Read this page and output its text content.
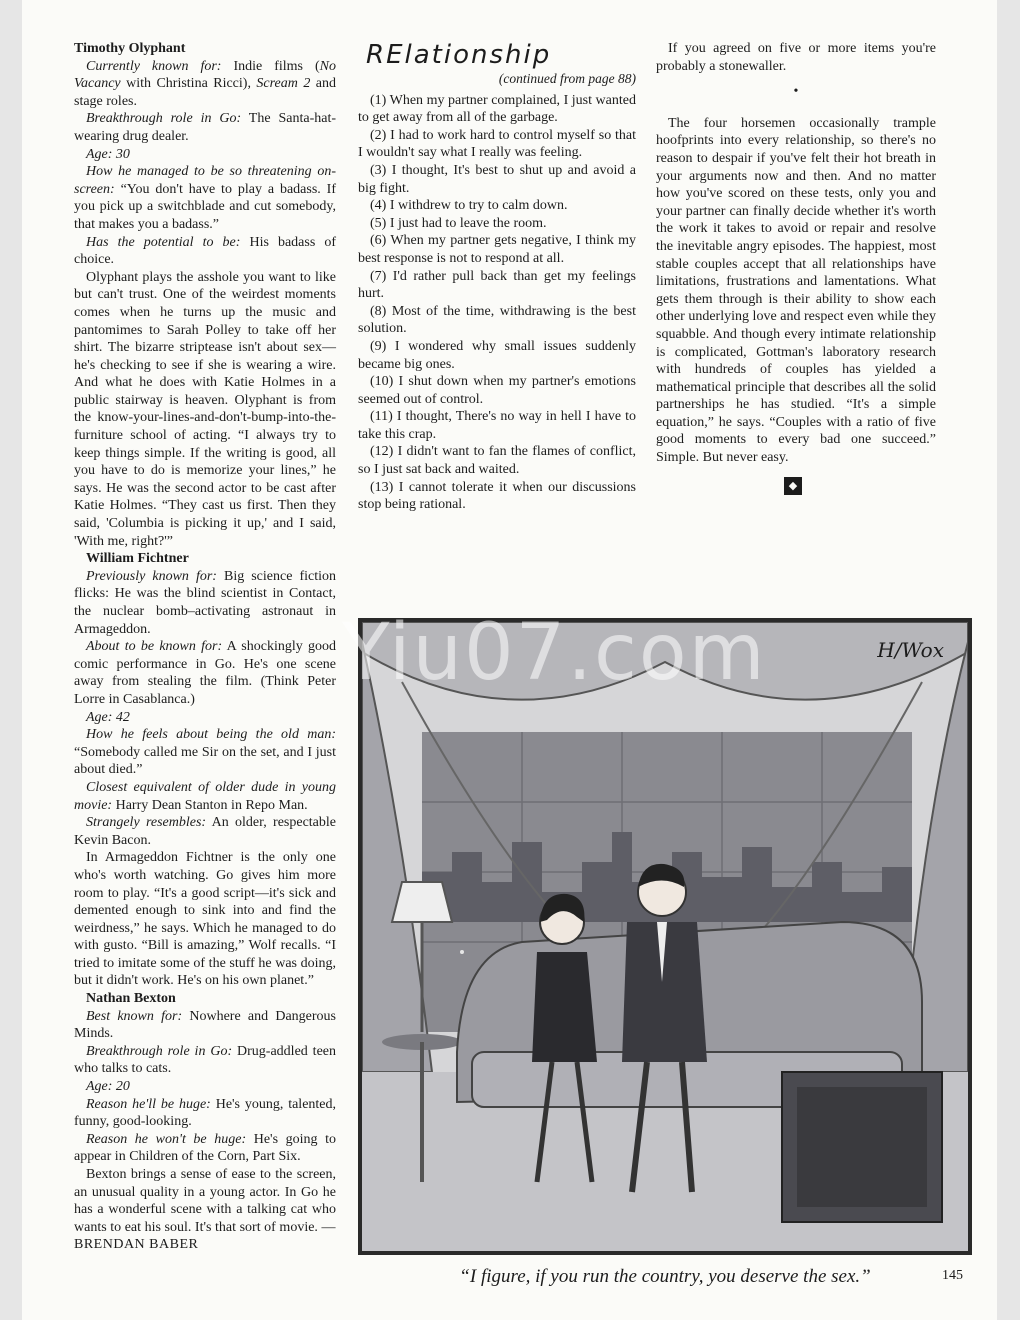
Timothy Olyphant

Currently known for: Indie films (No Vacancy with Christina Ricci), Scream 2 and stage roles.

Breakthrough role in Go: The Santa-hat-wearing drug dealer.

Age: 30

How he managed to be so threatening on-screen: “You don't have to play a badass. If you pick up a switchblade and cut somebody, that makes you a badass.”

Has the potential to be: His badass of choice.

Olyphant plays the asshole you want to like but can't trust. One of the weirdest moments comes when he turns up the music and pantomimes to Sarah Polley to take off her shirt. The bizarre striptease isn't about sex—he's checking to see if she is wearing a wire. And what he does with Katie Holmes in a public stairway is heaven. Olyphant is from the know-your-lines-and-don't-bump-into-the-furniture school of acting. “I always try to keep things simple. If the writing is good, all you have to do is memorize your lines,” he says. He was the second actor to be cast after Katie Holmes. “They cast us first. Then they said, 'Columbia is picking it up,' and I said, 'With me, right?'”

William Fichtner

Previously known for: Big science fiction flicks: He was the blind scientist in Contact, the nuclear bomb–activating astronaut in Armageddon.

About to be known for: A shockingly good comic performance in Go. He's one scene away from stealing the film. (Think Peter Lorre in Casablanca.)

Age: 42

How he feels about being the old man: “Somebody called me Sir on the set, and I just about died.”

Closest equivalent of older dude in young movie: Harry Dean Stanton in Repo Man.

Strangely resembles: An older, respectable Kevin Bacon.

In Armageddon Fichtner is the only one who's worth watching. Go gives him more room to play. “It's a good script—it's sick and demented enough to sink into and find the weirdness,” he says. Which he managed to do with gusto. “Bill is amazing,” Wolf recalls. “I tried to imitate some of the stuff he was doing, but it didn't work. He's on his own planet.”

Nathan Bexton

Best known for: Nowhere and Dangerous Minds.

Breakthrough role in Go: Drug-addled teen who talks to cats.

Age: 20

Reason he'll be huge: He's young, talented, funny, good-looking.

Reason he won't be huge: He's going to appear in Children of the Corn, Part Six.

Bexton brings a sense of ease to the screen, an unusual quality in a young actor. In Go he has a wonderful scene with a talking cat who wants to eat his soul. It's that sort of movie. —BRENDAN BABER

RElationship
(continued from page 88)

(1) When my partner complained, I just wanted to get away from all of the garbage.

(2) I had to work hard to control myself so that I wouldn't say what I really was feeling.

(3) I thought, It's best to shut up and avoid a big fight.

(4) I withdrew to try to calm down.

(5) I just had to leave the room.

(6) When my partner gets negative, I think my best response is not to respond at all.

(7) I'd rather pull back than get my feelings hurt.

(8) Most of the time, withdrawing is the best solution.

(9) I wondered why small issues suddenly became big ones.

(10) I shut down when my partner's emotions seemed out of control.

(11) I thought, There's no way in hell I have to take this crap.

(12) I didn't want to fan the flames of conflict, so I just sat back and waited.

(13) I cannot tolerate it when our discussions stop being rational.

If you agreed on five or more items you're probably a stonewaller.

•

The four horsemen occasionally trample hoofprints into every relationship, so there's no reason to despair if you've felt their hot breath in your arguments now and then. And no matter how you've scored on these tests, only you and your partner can finally decide whether it's worth the work it takes to avoid or repair and resolve the inevitable angry episodes. The happiest, most stable couples accept that all relationships have limitations, frustrations and lamentations. What gets them through is their ability to show each other underlying love and respect even while they squabble. And though every intimate relationship is complicated, Gottman's laboratory research with hundreds of couples has yielded a mathematical principle that describes all the solid partnerships he has studied. “It's a simple equation,” he says. “Couples with a ratio of five good moments to every bad one succeed.” Simple. But never easy.

◆
H/Wox
Yiu07.com
“I figure, if you run the country, you deserve the sex.”	145
